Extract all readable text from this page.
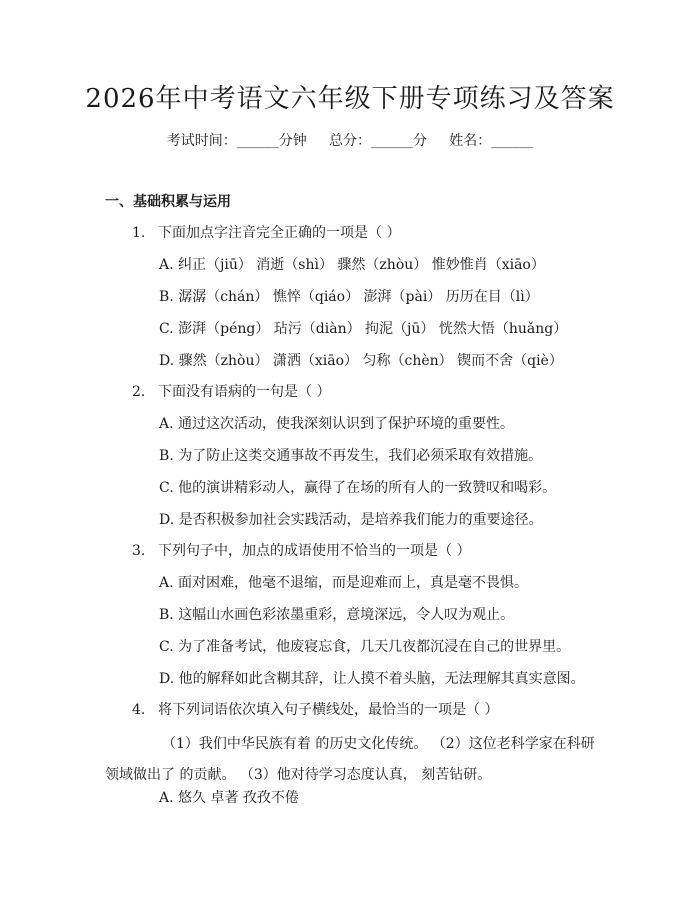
2026年中考语文六年级下册专项练习及答案
考试时间：______分钟     总分：______分     姓名：______
一、基础积累与运用
1. 下面加点字注音完全正确的一项是（ ）
A. 纠正（jiū） 消逝（shì） 骤然（zhòu） 惟妙惟肖（xiāo）
B. 潺潺（chán） 憔悴（qiáo） 澎湃（pài） 历历在目（lì）
C. 澎湃（péng） 玷污（diàn） 拘泥（jū） 恍然大悟（huǎng）
D. 骤然（zhòu） 潇洒（xiāo） 匀称（chèn） 锲而不舍（qiè）
2. 下面没有语病的一句是（ ）
A. 通过这次活动，使我深刻认识到了保护环境的重要性。
B. 为了防止这类交通事故不再发生，我们必须采取有效措施。
C. 他的演讲精彩动人，赢得了在场的所有人的一致赞叹和喝彩。
D. 是否积极参加社会实践活动，是培养我们能力的重要途径。
3. 下列句子中，加点的成语使用不恰当的一项是（ ）
A. 面对困难，他毫不退缩，而是迎难而上，真是毫不畏惧。
B. 这幅山水画色彩浓墨重彩，意境深远，令人叹为观止。
C. 为了准备考试，他废寝忘食，几天几夜都沉浸在自己的世界里。
D. 他的解释如此含糊其辞，让人摸不着头脑，无法理解其真实意图。
4. 将下列词语依次填入句子横线处，最恰当的一项是（ ）
（1）我们中华民族有着 的历史文化传统。 （2）这位老科学家在科研领域做出了 的贡献。 （3）他对待学习态度认真， 刻苦钻研。
A. 悠久 卓著 孜孜不倦
